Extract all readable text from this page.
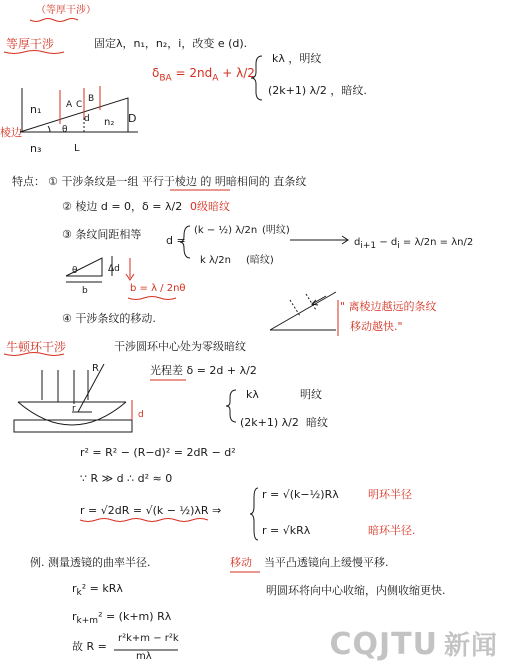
（等厚干涉）
等厚干涉	固定λ，n₁，n₂，i，改变 e (d).
$\delta_{BA} = 2nd_A + \lambda/2$
kλ ，明纹
(2k+1) λ/2 ，暗纹.
n₁	A C
B
θ
d n₂ D
棱边
n₃	L
特点： ① 干涉条纹是一组 平行于棱边 的 明暗相间的 直条纹
② 棱边 d = 0，δ = λ/2 0级暗纹
③ 条纹间距相等 d =
(k − ½) λ/2n (明纹)
k λ/2n (暗纹)
$d_{i+1} - d_i = \lambda/2n = \lambda n/2$
θ	Δd
b	b = λ / 2nθ
④ 干涉条纹的移动.
" 离棱边越远的条纹
移动越快."
牛顿环干涉	干涉圆环中心处为零级暗纹
光程差 δ = 2d + λ/2
kλ	明纹
(2k+1) λ/2 暗纹
R
r
d
r² = R² − (R−d)² = 2dR − d²
∵ R ≫ d ∴ d² ≈ 0
r = √2dR = √(k − ½)λR ⇒
r = √(k−½)Rλ	明环半径
r = √kRλ	暗环半径.
例. 测量透镜的曲率半径.	移动 当平凸透镜向上缓慢平移.
明圆环将向中心收缩，内侧收缩更快.
$r_k^2 = kR\lambda$
$r_{k+m}^2 = (k+m)$ Rλ
故 R =
r²k+m − r²k
mλ	CQJTU 新闻
